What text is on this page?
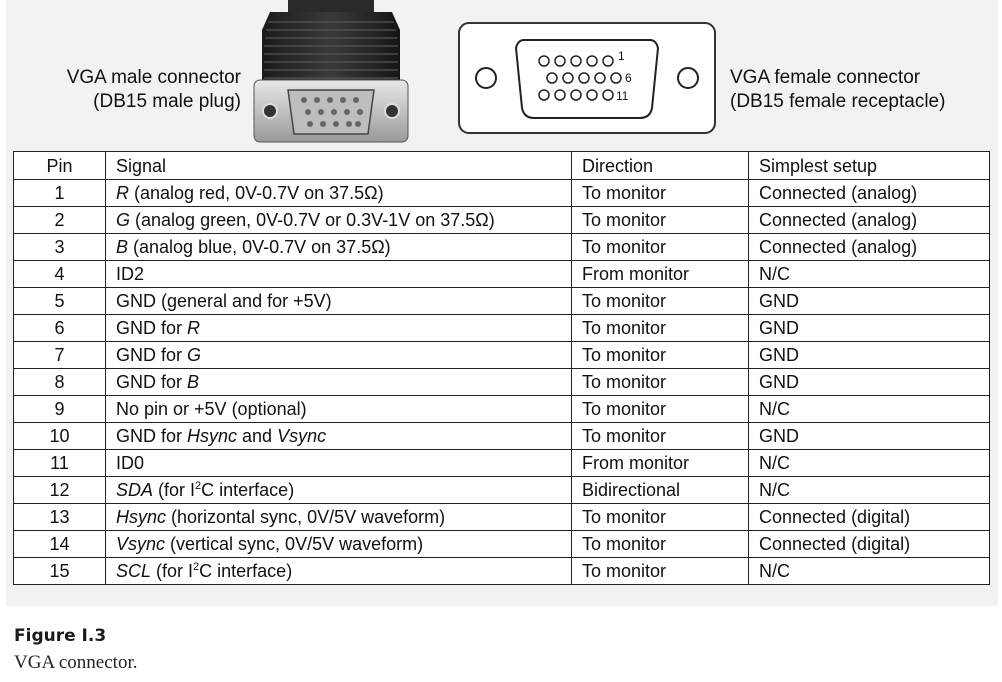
VGA male connector
(DB15 male plug)
1
6
11
VGA female connector
(DB15 female receptacle)
Pin	Signal	Direction	Simplest setup
1	R (analog red, 0V-0.7V on 37.5Ω)	To monitor	Connected (analog)
2	G (analog green, 0V-0.7V or 0.3V-1V on 37.5Ω)	To monitor	Connected (analog)
3	B (analog blue, 0V-0.7V on 37.5Ω)	To monitor	Connected (analog)
4	ID2	From monitor	N/C
5	GND (general and for +5V)	To monitor	GND
6	GND for R	To monitor	GND
7	GND for G	To monitor	GND
8	GND for B	To monitor	GND
9	No pin or +5V (optional)	To monitor	N/C
10	GND for Hsync and Vsync	To monitor	GND
11	ID0	From monitor	N/C
12	SDA (for $I^2C$ interface)	Bidirectional	N/C
13	Hsync (horizontal sync, 0V/5V waveform)	To monitor	Connected (digital)
14	Vsync (vertical sync, 0V/5V waveform)	To monitor	Connected (digital)
15	SCL (for $I^2C$ interface)	To monitor	N/C
Figure I.3
VGA connector.
